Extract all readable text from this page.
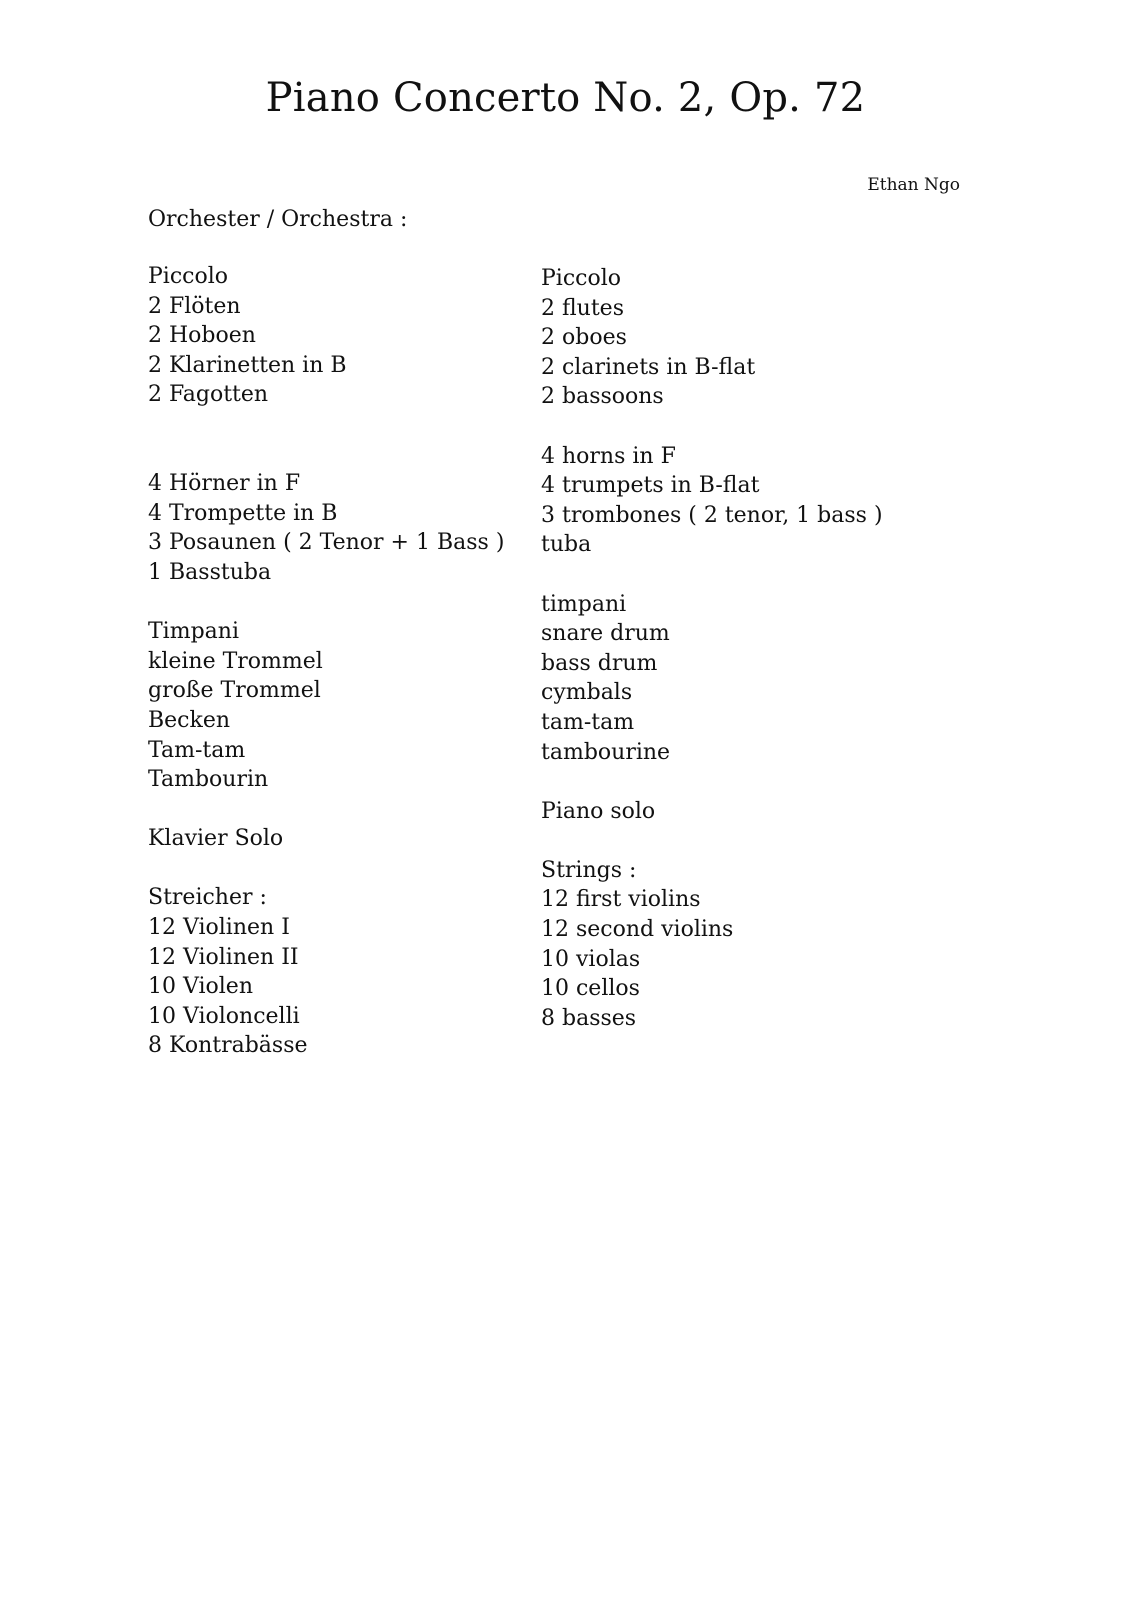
Piano Concerto No. 2, Op. 72
Ethan Ngo
Orchester / Orchestra :
Piccolo
2 Flöten
2 Hoboen
2 Klarinetten in B
2 Fagotten
4 Hörner in F
4 Trompette in B
3 Posaunen ( 2 Tenor + 1 Bass )
1 Basstuba
Timpani
kleine Trommel
große Trommel
Becken
Tam-tam
Tambourin
Klavier Solo
Streicher :
12 Violinen I
12 Violinen II
10 Violen
10 Violoncelli
8 Kontrabässe
Piccolo
2 flutes
2 oboes
2 clarinets in B-flat
2 bassoons
4 horns in F
4 trumpets in B-flat
3 trombones ( 2 tenor, 1 bass )
tuba
timpani
snare drum
bass drum
cymbals
tam-tam
tambourine
Piano solo
Strings :
12 first violins
12 second violins
10 violas
10 cellos
8 basses
